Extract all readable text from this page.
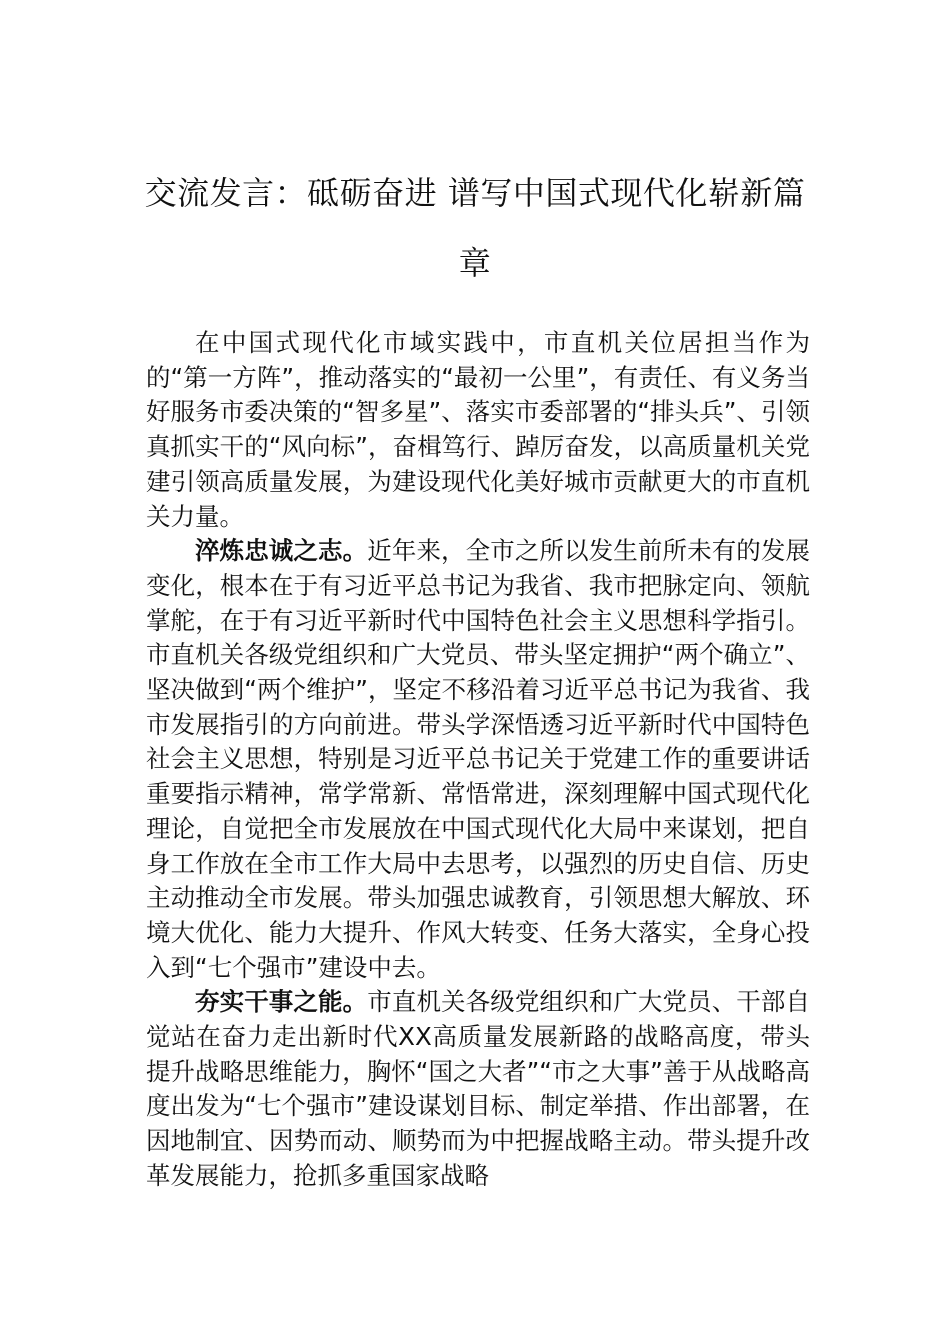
交流发言：砥砺奋进 谱写中国式现代化崭新篇章

在中国式现代化市域实践中，市直机关位居担当作为的“第一方阵”，推动落实的“最初一公里”，有责任、有义务当好服务市委决策的“智多星”、落实市委部署的“排头兵”、引领真抓实干的“风向标”，奋楫笃行、踔厉奋发，以高质量机关党建引领高质量发展，为建设现代化美好城市贡献更大的市直机关力量。

淬炼忠诚之志。近年来，全市之所以发生前所未有的发展变化，根本在于有习近平总书记为我省、我市把脉定向、领航掌舵，在于有习近平新时代中国特色社会主义思想科学指引。市直机关各级党组织和广大党员、带头坚定拥护“两个确立”、坚决做到“两个维护”，坚定不移沿着习近平总书记为我省、我市发展指引的方向前进。带头学深悟透习近平新时代中国特色社会主义思想，特别是习近平总书记关于党建工作的重要讲话重要指示精神，常学常新、常悟常进，深刻理解中国式现代化理论，自觉把全市发展放在中国式现代化大局中来谋划，把自身工作放在全市工作大局中去思考，以强烈的历史自信、历史主动推动全市发展。带头加强忠诚教育，引领思想大解放、环境大优化、能力大提升、作风大转变、任务大落实，全身心投入到“七个强市”建设中去。

夯实干事之能。市直机关各级党组织和广大党员、干部自觉站在奋力走出新时代XX高质量发展新路的战略高度，带头提升战略思维能力，胸怀“国之大者”“市之大事”善于从战略高度出发为“七个强市”建设谋划目标、制定举措、作出部署，在因地制宜、因势而动、顺势而为中把握战略主动。带头提升改革发展能力，抢抓多重国家战略
